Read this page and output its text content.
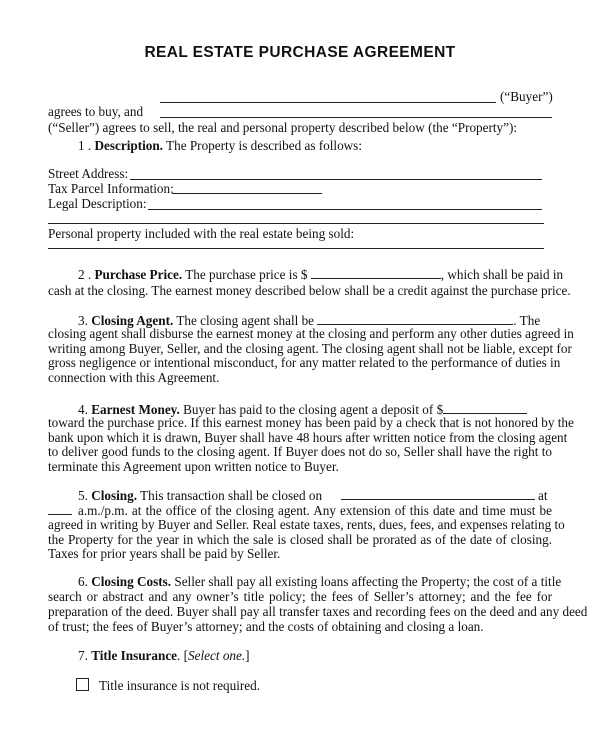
REAL ESTATE PURCHASE AGREEMENT
(“Buyer”)
agrees to buy, and
(“Seller”) agrees to sell, the real and personal property described below (the “Property”):
1 . Description. The Property is described as follows:
Street Address:
Tax Parcel Information:
Legal Description:
Personal property included with the real estate being sold:
2 . Purchase Price. The purchase price is $	, which shall be paid in
cash at the closing. The earnest money described below shall be a credit against the purchase price.
3. Closing Agent. The closing agent shall be	. The
closing agent shall disburse the earnest money at the closing and perform any other duties agreed in
writing among Buyer, Seller, and the closing agent. The closing agent shall not be liable, except for
gross negligence or intentional misconduct, for any matter related to the performance of duties in
connection with this Agreement.
4. Earnest Money. Buyer has paid to the closing agent a deposit of $
toward the purchase price. If this earnest money has been paid by a check that is not honored by the
bank upon which it is drawn, Buyer shall have 48 hours after written notice from the closing agent
to deliver good funds to the closing agent. If Buyer does not do so, Seller shall have the right to
terminate this Agreement upon written notice to Buyer.
5. Closing. This transaction shall be closed on	at
a.m./p.m. at the office of the closing agent. Any extension of this date and time must be
agreed in writing by Buyer and Seller. Real estate taxes, rents, dues, fees, and expenses relating to
the Property for the year in which the sale is closed shall be prorated as of the date of closing.
Taxes for prior years shall be paid by Seller.
6. Closing Costs. Seller shall pay all existing loans affecting the Property; the cost of a title
search or abstract and any owner’s title policy; the fees of Seller’s attorney; and the fee for
preparation of the deed. Buyer shall pay all transfer taxes and recording fees on the deed and any deed
of trust; the fees of Buyer’s attorney; and the costs of obtaining and closing a loan.
7. Title Insurance. [Select one.]
Title insurance is not required.
